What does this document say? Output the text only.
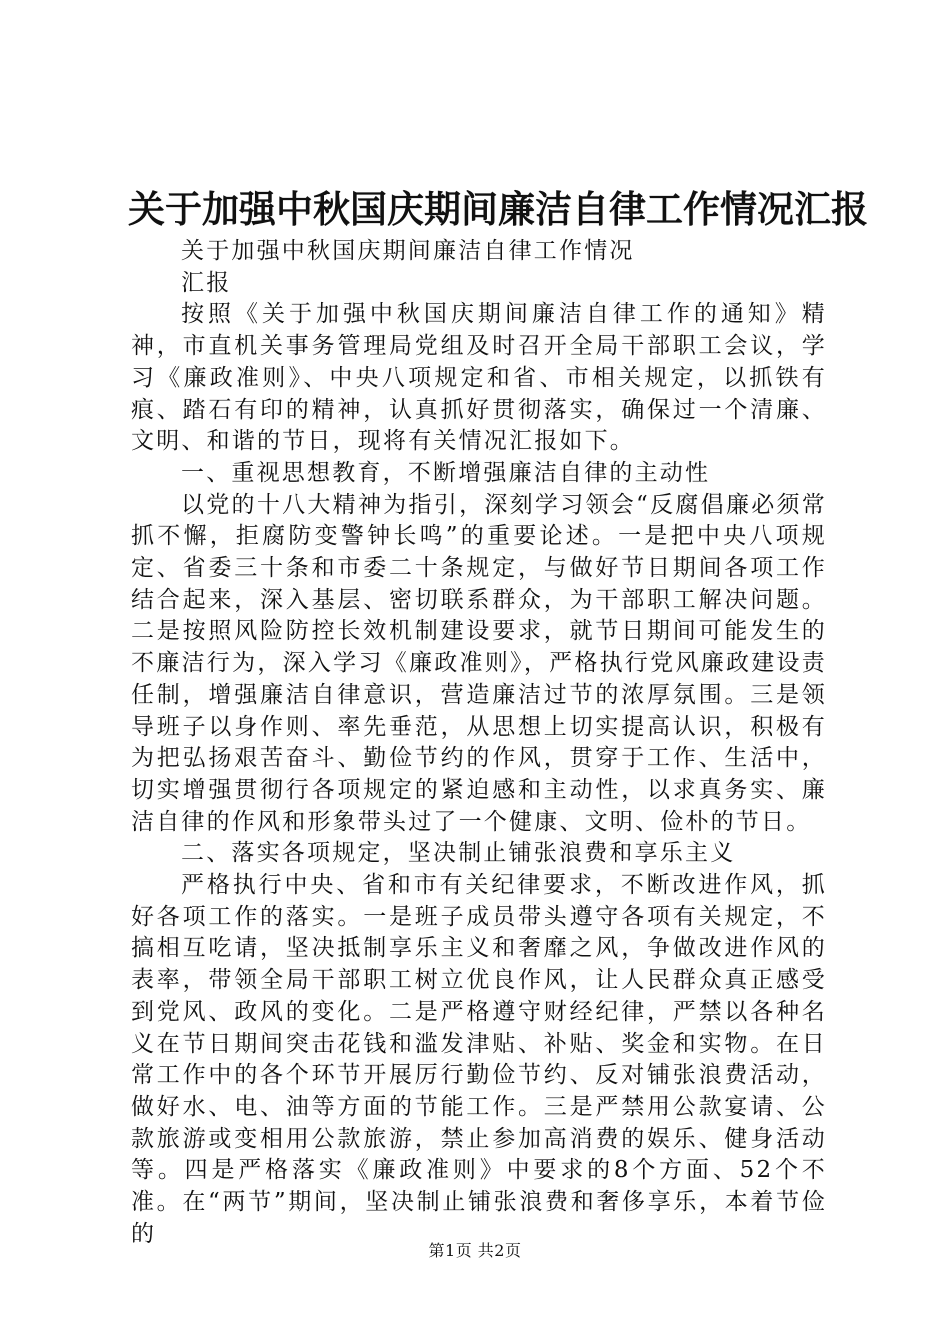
关于加强中秋国庆期间廉洁自律工作情况汇报

关于加强中秋国庆期间廉洁自律工作情况

汇报

按照《关于加强中秋国庆期间廉洁自律工作的通知》精神，市直机关事务管理局党组及时召开全局干部职工会议，学习《廉政准则》、中央八项规定和省、市相关规定，以抓铁有痕、踏石有印的精神，认真抓好贯彻落实，确保过一个清廉、文明、和谐的节日，现将有关情况汇报如下。

一、重视思想教育，不断增强廉洁自律的主动性

以党的十八大精神为指引，深刻学习领会“反腐倡廉必须常抓不懈，拒腐防变警钟长鸣”的重要论述。一是把中央八项规定、省委三十条和市委二十条规定，与做好节日期间各项工作结合起来，深入基层、密切联系群众，为干部职工解决问题。二是按照风险防控长效机制建设要求，就节日期间可能发生的不廉洁行为，深入学习《廉政准则》，严格执行党风廉政建设责任制，增强廉洁自律意识，营造廉洁过节的浓厚氛围。三是领导班子以身作则、率先垂范，从思想上切实提高认识，积极有为把弘扬艰苦奋斗、勤俭节约的作风，贯穿于工作、生活中，切实增强贯彻行各项规定的紧迫感和主动性，以求真务实、廉洁自律的作风和形象带头过了一个健康、文明、俭朴的节日。

二、落实各项规定，坚决制止铺张浪费和享乐主义

严格执行中央、省和市有关纪律要求，不断改进作风，抓好各项工作的落实。一是班子成员带头遵守各项有关规定，不搞相互吃请，坚决抵制享乐主义和奢靡之风，争做改进作风的表率，带领全局干部职工树立优良作风，让人民群众真正感受到党风、政风的变化。二是严格遵守财经纪律，严禁以各种名义在节日期间突击花钱和滥发津贴、补贴、奖金和实物。在日常工作中的各个环节开展厉行勤俭节约、反对铺张浪费活动，做好水、电、油等方面的节能工作。三是严禁用公款宴请、公款旅游或变相用公款旅游，禁止参加高消费的娱乐、健身活动等。四是严格落实《廉政准则》中要求的8个方面、52个不准。在“两节”期间，坚决制止铺张浪费和奢侈享乐，本着节俭的

第1页 共2页
